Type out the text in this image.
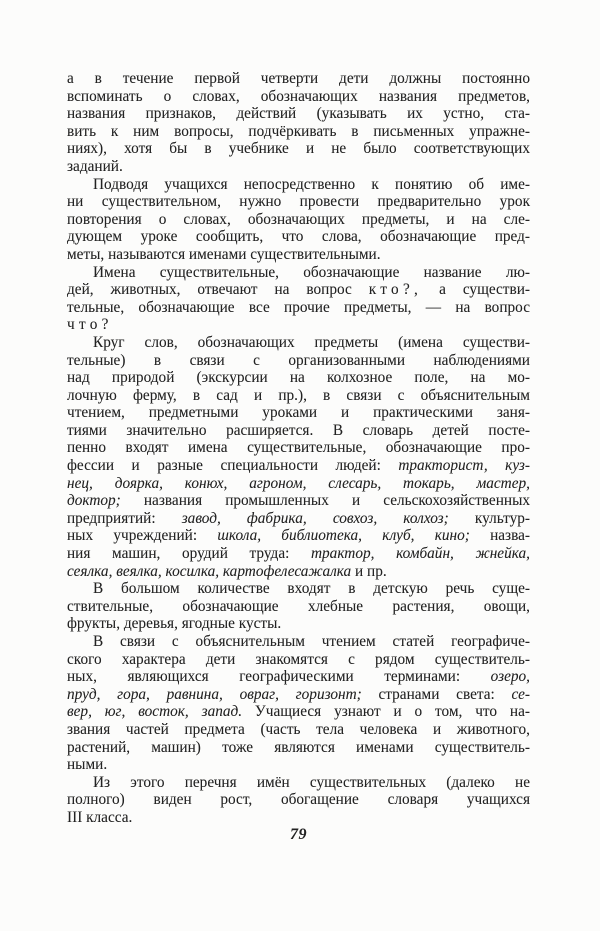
а в течение первой четверти дети должны постоянно
вспоминать о словах, обозначающих названия предметов,
названия признаков, действий (указывать их устно, ста-
вить к ним вопросы, подчёркивать в письменных упражне-
ниях), хотя бы в учебнике и не было соответствующих
заданий.
Подводя учащихся непосредственно к понятию об име-
ни существительном, нужно провести предварительно урок
повторения о словах, обозначающих предметы, и на сле-
дующем уроке сообщить, что слова, обозначающие пред-
меты, называются именами существительными.
Имена существительные, обозначающие название лю-
дей, животных, отвечают на вопрос кто?, а существи-
тельные, обозначающие все прочие предметы, — на вопрос
что?
Круг слов, обозначающих предметы (имена существи-
тельные) в связи с организованными наблюдениями
над природой (экскурсии на колхозное поле, на мо-
лочную ферму, в сад и пр.), в связи с объяснительным
чтением, предметными уроками и практическими заня-
тиями значительно расширяется. В словарь детей посте-
пенно входят имена существительные, обозначающие про-
фессии и разные специальности людей: тракторист, куз-
нец, доярка, конюх, агроном, слесарь, токарь, мастер,
доктор; названия промышленных и сельскохозяйственных
предприятий: завод, фабрика, совхоз, колхоз; культур-
ных учреждений: школа, библиотека, клуб, кино; назва-
ния машин, орудий труда: трактор, комбайн, жнейка,
сеялка, веялка, косилка, картофелесажалка и пр.
В большом количестве входят в детскую речь суще-
ствительные, обозначающие хлебные растения, овощи,
фрукты, деревья, ягодные кусты.
В связи с объяснительным чтением статей географиче-
ского характера дети знакомятся с рядом существитель-
ных, являющихся географическими терминами: озеро,
пруд, гора, равнина, овраг, горизонт; странами света: се-
вер, юг, восток, запад. Учащиеся узнают и о том, что на-
звания частей предмета (часть тела человека и животного,
растений, машин) тоже являются именами существитель-
ными.
Из этого перечня имён существительных (далеко не
полного) виден рост, обогащение словаря учащихся
III класса.
79
